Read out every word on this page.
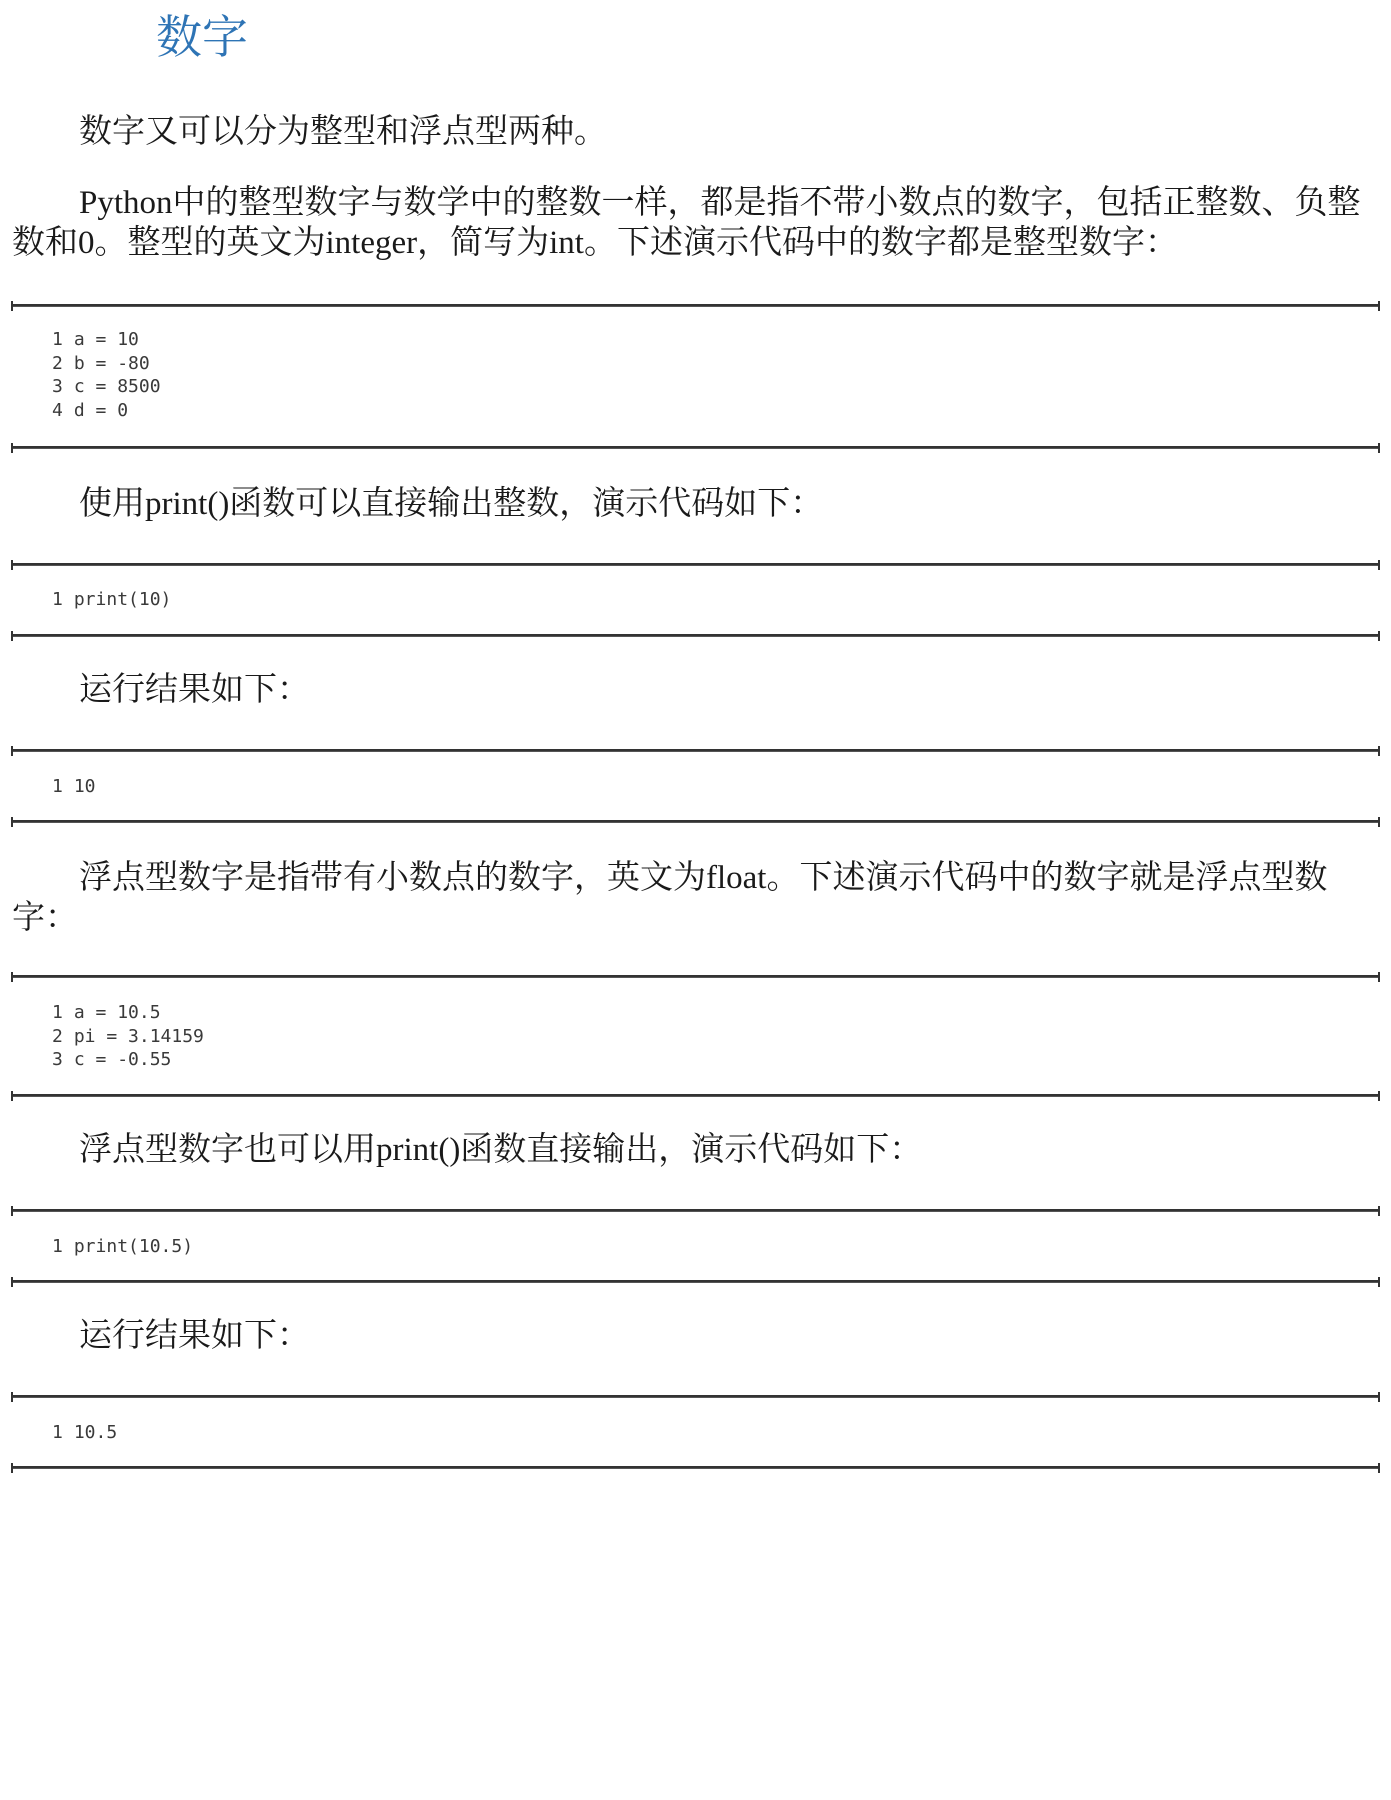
数字

数字又可以分为整型和浮点型两种。

Python中的整型数字与数学中的整数一样，都是指不带小数点的数字，包括正整数、负整数和0。整型的英文为integer，简写为int。下述演示代码中的数字都是整型数字：

1 a = 10
2 b = -80
3 c = 8500
4 d = 0

使用print()函数可以直接输出整数，演示代码如下：

1 print(10)

运行结果如下：

1 10

浮点型数字是指带有小数点的数字，英文为float。下述演示代码中的数字就是浮点型数字：

1 a = 10.5
2 pi = 3.14159
3 c = -0.55

浮点型数字也可以用print()函数直接输出，演示代码如下：

1 print(10.5)

运行结果如下：

1 10.5
